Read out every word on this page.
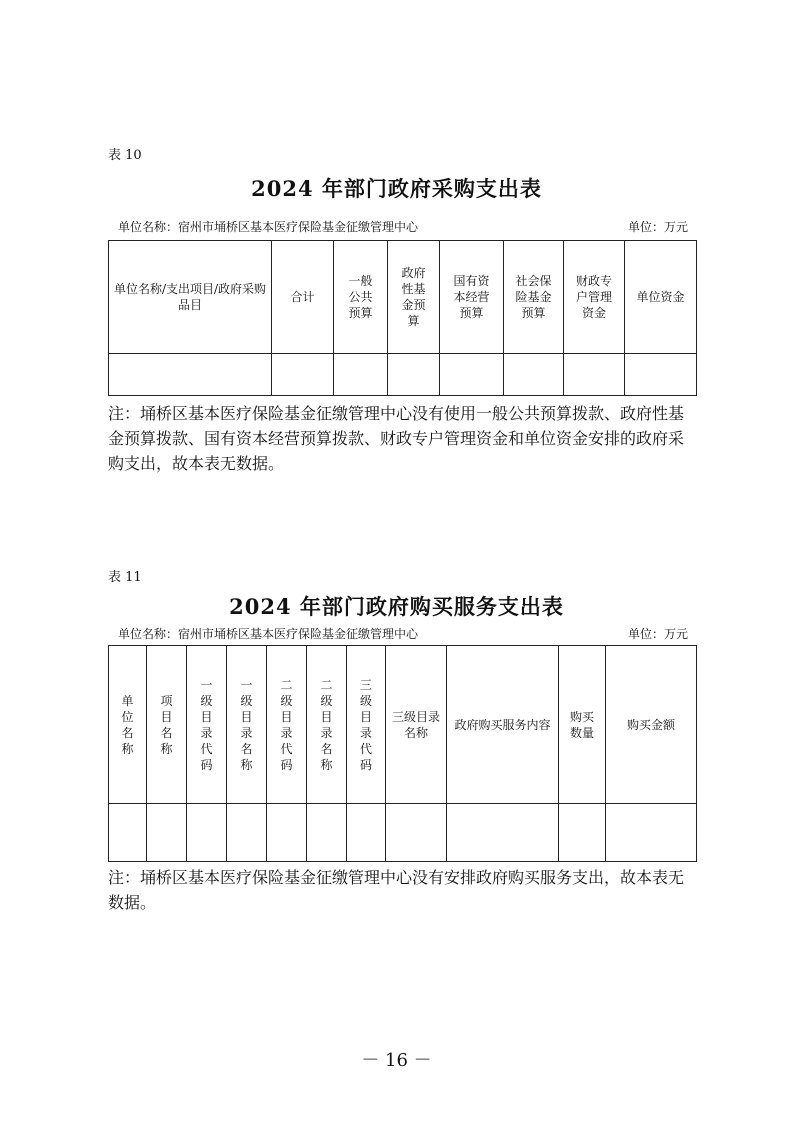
表 10
2024 年部门政府采购支出表
单位名称：宿州市埇桥区基本医疗保险基金征缴管理中心	单位：万元
单位名称/支出项目/政府采购品目	合计	一般公共预算	政府性基金预算	国有资本经营预算	社会保险基金预算	财政专户管理资金	单位资金

注：埇桥区基本医疗保险基金征缴管理中心没有使用一般公共预算拨款、政府性基金预算拨款、国有资本经营预算拨款、财政专户管理资金和单位资金安排的政府采购支出，故本表无数据。
表 11
2024 年部门政府购买服务支出表
单位名称：宿州市埇桥区基本医疗保险基金征缴管理中心	单位：万元
单位名称	项目名称	一级目录代码	一级目录名称	二级目录代码	二级目录名称	三级目录代码	三级目录名称	政府购买服务内容	购买数量	购买金额

注：埇桥区基本医疗保险基金征缴管理中心没有安排政府购买服务支出，故本表无数据。
－ 16 －
